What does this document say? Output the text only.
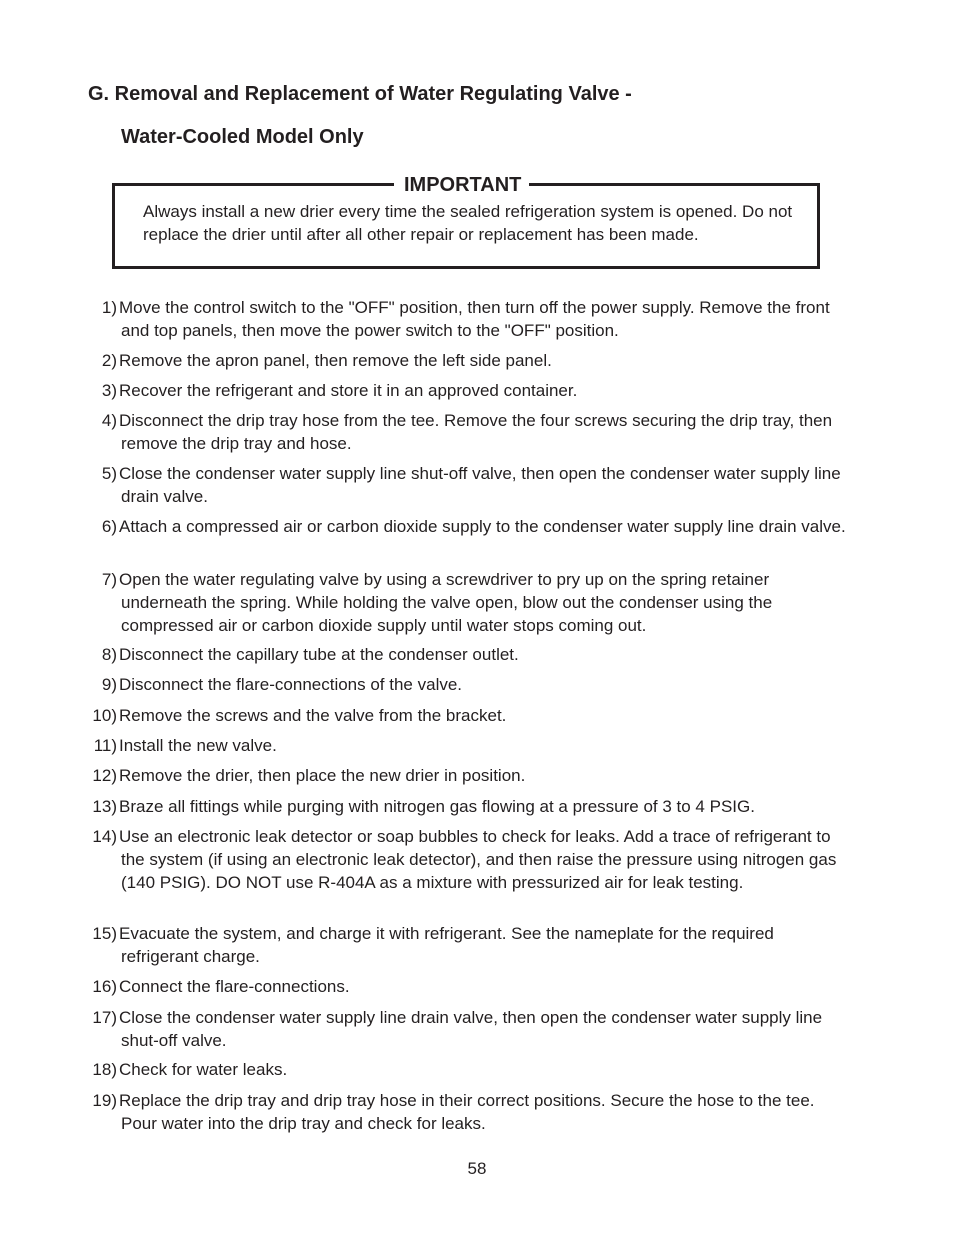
G. Removal and Replacement of Water Regulating Valve -
Water-Cooled Model Only
IMPORTANT

Always install a new drier every time the sealed refrigeration system is opened. Do not replace the drier until after all other repair or replacement has been made.

1) Move the control switch to the "OFF" position, then turn off the power supply. Remove the front and top panels, then move the power switch to the "OFF" position.
2) Remove the apron panel, then remove the left side panel.
3) Recover the refrigerant and store it in an approved container.
4) Disconnect the drip tray hose from the tee. Remove the four screws securing the drip tray, then remove the drip tray and hose.
5) Close the condenser water supply line shut-off valve, then open the condenser water supply line drain valve.
6) Attach a compressed air or carbon dioxide supply to the condenser water supply line drain valve.
7) Open the water regulating valve by using a screwdriver to pry up on the spring retainer underneath the spring. While holding the valve open, blow out the condenser using the compressed air or carbon dioxide supply until water stops coming out.
8) Disconnect the capillary tube at the condenser outlet.
9) Disconnect the flare-connections of the valve.
10) Remove the screws and the valve from the bracket.
11) Install the new valve.
12) Remove the drier, then place the new drier in position.
13) Braze all fittings while purging with nitrogen gas flowing at a pressure of 3 to 4 PSIG.
14) Use an electronic leak detector or soap bubbles to check for leaks. Add a trace of refrigerant to the system (if using an electronic leak detector), and then raise the pressure using nitrogen gas (140 PSIG). DO NOT use R-404A as a mixture with pressurized air for leak testing.
15) Evacuate the system, and charge it with refrigerant. See the nameplate for the required refrigerant charge.
16) Connect the flare-connections.
17) Close the condenser water supply line drain valve, then open the condenser water supply line shut-off valve.
18) Check for water leaks.
19) Replace the drip tray and drip tray hose in their correct positions. Secure the hose to the tee. Pour water into the drip tray and check for leaks.
58
